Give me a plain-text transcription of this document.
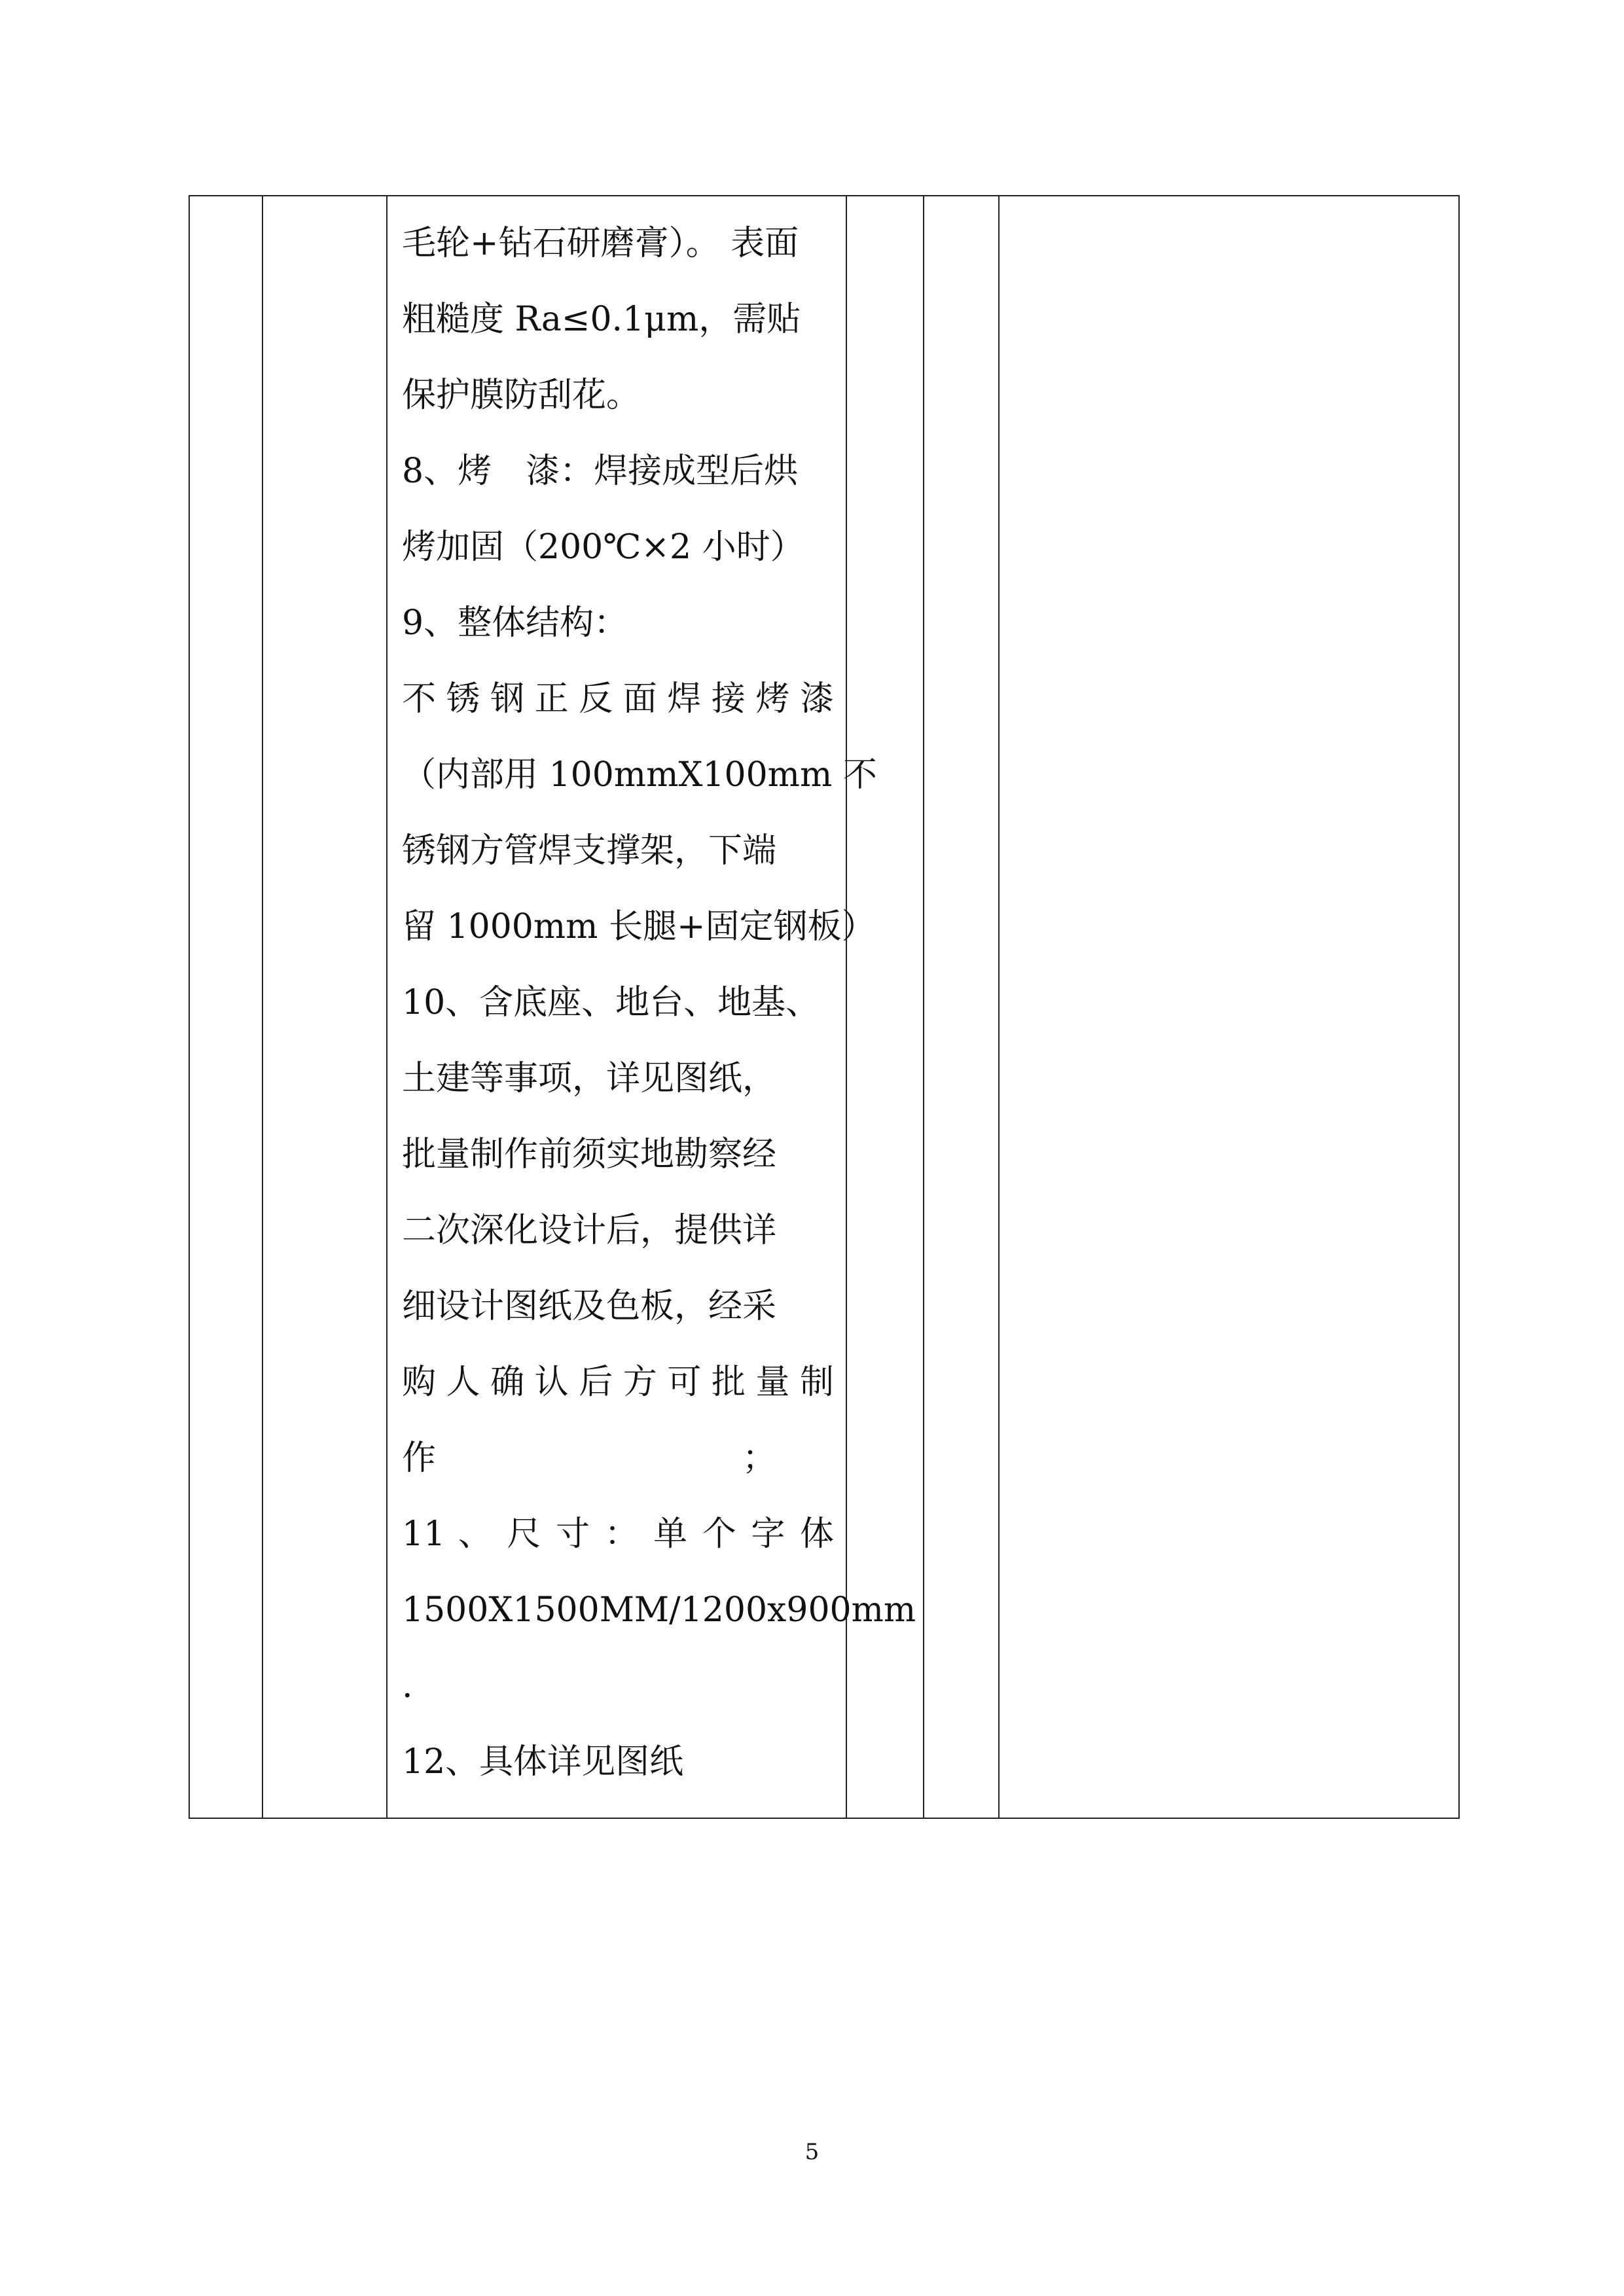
毛轮+钻石研磨膏）。 表面
粗糙度 Ra≤0.1μm，需贴
保护膜防刮花。
8、烤　漆：焊接成型后烘
烤加固（200℃×2 小时）
9、整体结构：
不锈钢正反面焊接烤漆
（内部用 100mmX100mm 不
锈钢方管焊支撑架，下端
留 1000mm 长腿+固定钢板）
10、含底座、地台、地基、
土建等事项，详见图纸，
批量制作前须实地勘察经
二次深化设计后，提供详
细设计图纸及色板，经采
购人确认后方可批量制
作　　　　　　　　　；
11 、 尺 寸 ： 单 个 字 体
1500X1500MM/1200x900mm
.
12、具体详见图纸

5
